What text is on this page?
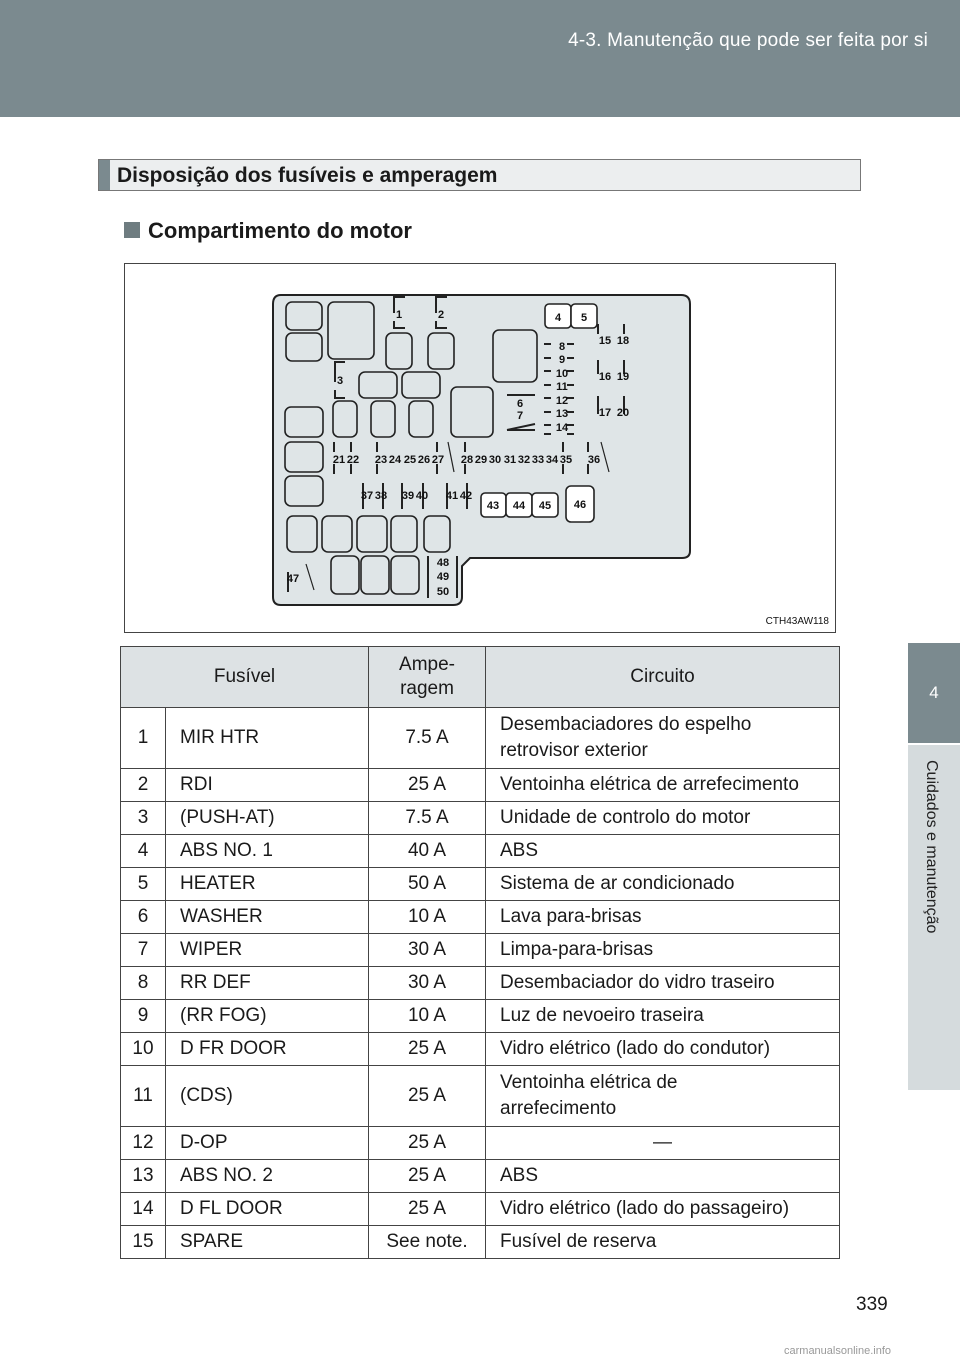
4-3. Manutenção que pode ser feita por si
4
Cuidados e manutenção
Disposição dos fusíveis e amperagem
Compartimento do motor
1	2
3
4 5
6
7
8
9
10
11
12
13
14
15
16
17
18
19
20
21 22 23 24 25 26 27 28 29 30 31 32 33 34 35 36
37 38 39 40 41 42
43 44 45 46
47
48
49
50
CTH43AW118
Fusível		Ampe-
ragem	Circuito
1	MIR HTR	7.5 A	Desembaciadores do espelho
retrovisor exterior
2	RDI	25 A	Ventoinha elétrica de arrefecimento
3	(PUSH-AT)	7.5 A	Unidade de controlo do motor
4	ABS NO. 1	40 A	ABS
5	HEATER	50 A	Sistema de ar condicionado
6	WASHER	10 A	Lava para-brisas
7	WIPER	30 A	Limpa-para-brisas
8	RR DEF	30 A	Desembaciador do vidro traseiro
9	(RR FOG)	10 A	Luz de nevoeiro traseira
10	D FR DOOR	25 A	Vidro elétrico (lado do condutor)
11	(CDS)	25 A	Ventoinha elétrica de
arrefecimento
12	D-OP	25 A	—
13	ABS NO. 2	25 A	ABS
14	D FL DOOR	25 A	Vidro elétrico (lado do passageiro)
15	SPARE	See note.	Fusível de reserva
339
carmanualsonline.info
